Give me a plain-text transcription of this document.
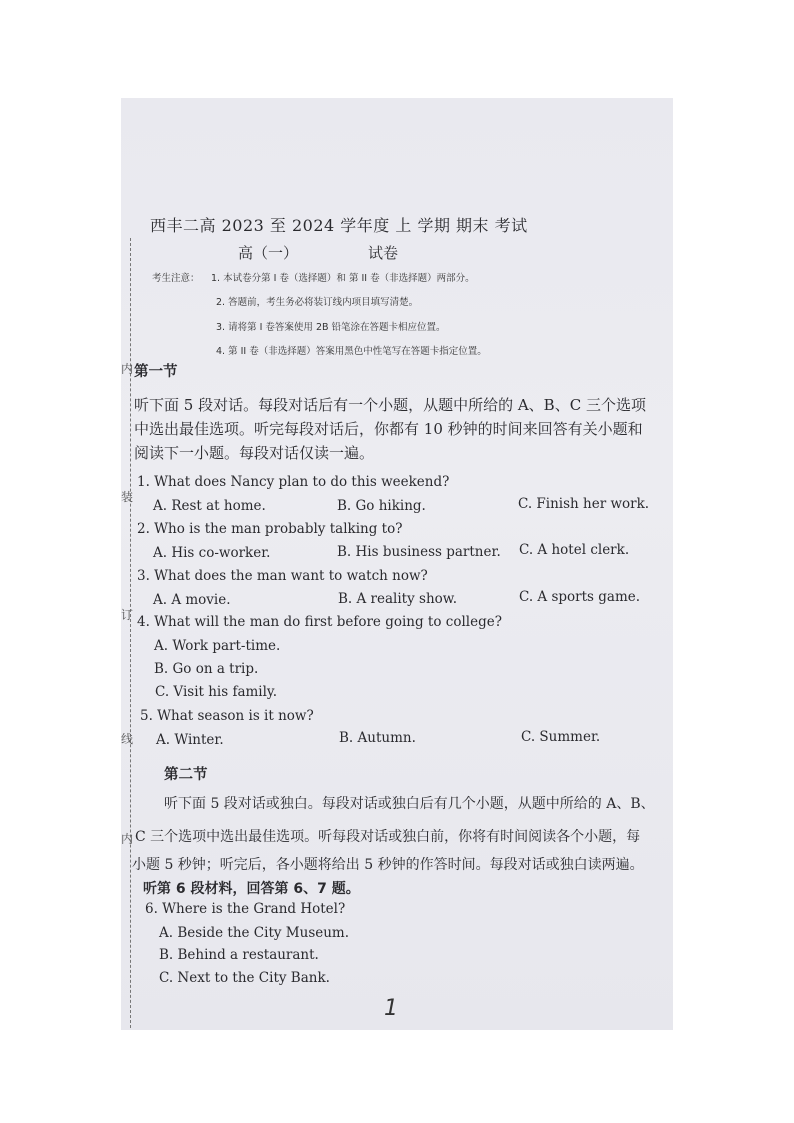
内
装
订
线
内
西丰二高 2023 至 2024 学年度 上 学期 期末 考试
高（一）	试卷
考生注意： 1. 本试卷分第 I 卷（选择题）和 第 II 卷（非选择题）两部分。
2. 答题前，考生务必将装订线内项目填写清楚。
3. 请将第 I 卷答案使用 2B 铅笔涂在答题卡相应位置。
4. 第 II 卷（非选择题）答案用黑色中性笔写在答题卡指定位置。
第一节
听下面 5 段对话。每段对话后有一个小题，从题中所给的 A、B、C 三个选项中选出最佳选项。听完每段对话后，你都有 10 秒钟的时间来回答有关小题和阅读下一小题。每段对话仅读一遍。
1. What does Nancy plan to do this weekend?
A. Rest at home.	B. Go hiking.	C. Finish her work.
2. Who is the man probably talking to?
A. His co-worker.	B. His business partner. C. A hotel clerk.
3. What does the man want to watch now?
A. A movie.	B. A reality show.	C. A sports game.
4. What will the man do first before going to college?
A. Work part-time.
B. Go on a trip.
C. Visit his family.
5. What season is it now?
A. Winter.	B. Autumn.	C. Summer.
第二节
听下面 5 段对话或独白。每段对话或独白后有几个小题，从题中所给的 A、B、
C 三个选项中选出最佳选项。听每段对话或独白前，你将有时间阅读各个小题，每
小题 5 秒钟；听完后，各小题将给出 5 秒钟的作答时间。每段对话或独白读两遍。
听第 6 段材料，回答第 6、7 题。
6. Where is the Grand Hotel?
A. Beside the City Museum.
B. Behind a restaurant.
C. Next to the City Bank.
1
